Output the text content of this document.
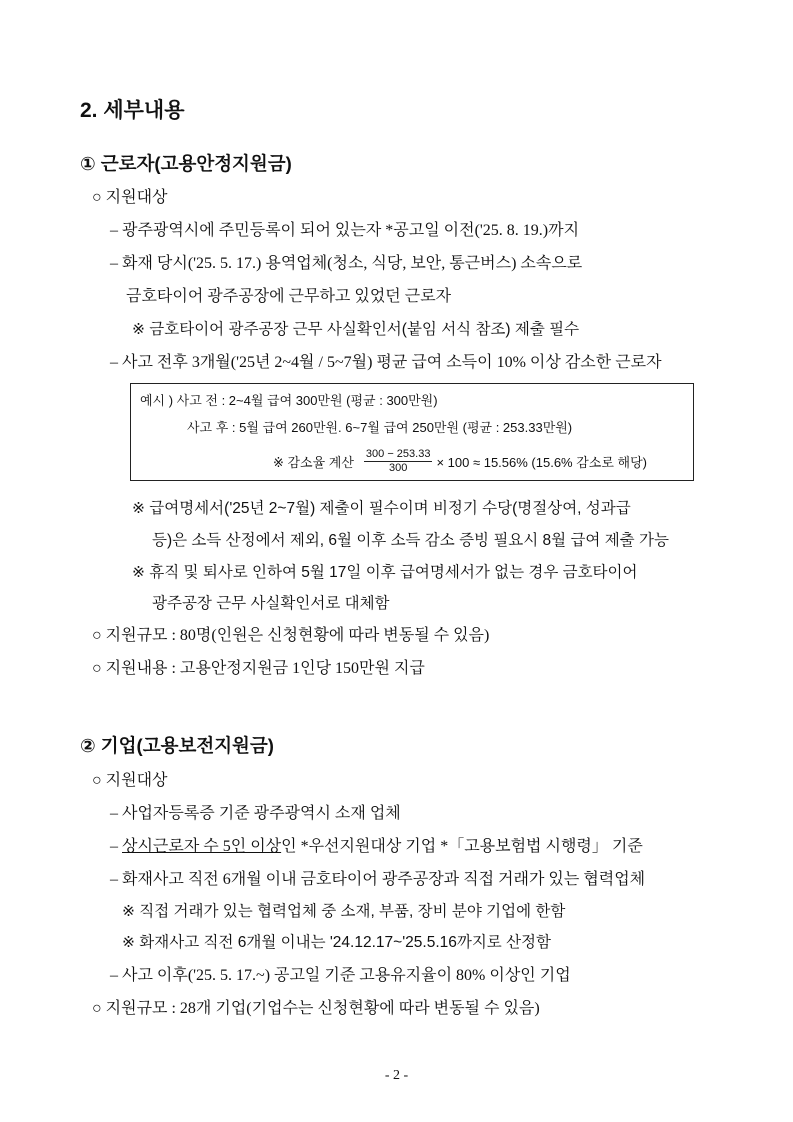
2. 세부내용
① 근로자(고용안정지원금)
○ 지원대상
– 광주광역시에 주민등록이 되어 있는자 *공고일 이전('25. 8. 19.)까지
– 화재 당시('25. 5. 17.) 용역업체(청소, 식당, 보안, 통근버스) 소속으로
금호타이어 광주공장에 근무하고 있었던 근로자
※ 금호타이어 광주공장 근무 사실확인서(붙임 서식 참조) 제출 필수
– 사고 전후 3개월('25년 2~4월 / 5~7월) 평균 급여 소득이 10% 이상 감소한 근로자
예시 ) 사고 전 : 2~4월 급여 300만원 (평균 : 300만원)
사고 후 : 5월 급여 260만원. 6~7월 급여 250만원 (평균 : 253.33만원)
※ 감소율 계산 $\frac{300 - 253.33}{300} \times 100 \approx 15.56\%$ (15.6% 감소로 해당)
※ 급여명세서('25년 2~7월) 제출이 필수이며 비정기 수당(명절상여, 성과급
등)은 소득 산정에서 제외, 6월 이후 소득 감소 증빙 필요시 8월 급여 제출 가능
※ 휴직 및 퇴사로 인하여 5월 17일 이후 급여명세서가 없는 경우 금호타이어
광주공장 근무 사실확인서로 대체함
○ 지원규모 : 80명(인원은 신청현황에 따라 변동될 수 있음)
○ 지원내용 : 고용안정지원금 1인당 150만원 지급
② 기업(고용보전지원금)
○ 지원대상
– 사업자등록증 기준 광주광역시 소재 업체
– 상시근로자 수 5인 이상인 *우선지원대상 기업 *「고용보험법 시행령」 기준
– 화재사고 직전 6개월 이내 금호타이어 광주공장과 직접 거래가 있는 협력업체
※ 직접 거래가 있는 협력업체 중 소재, 부품, 장비 분야 기업에 한함
※ 화재사고 직전 6개월 이내는 '24.12.17~'25.5.16까지로 산정함
– 사고 이후('25. 5. 17.~) 공고일 기준 고용유지율이 80% 이상인 기업
○ 지원규모 : 28개 기업(기업수는 신청현황에 따라 변동될 수 있음)
- 2 -
